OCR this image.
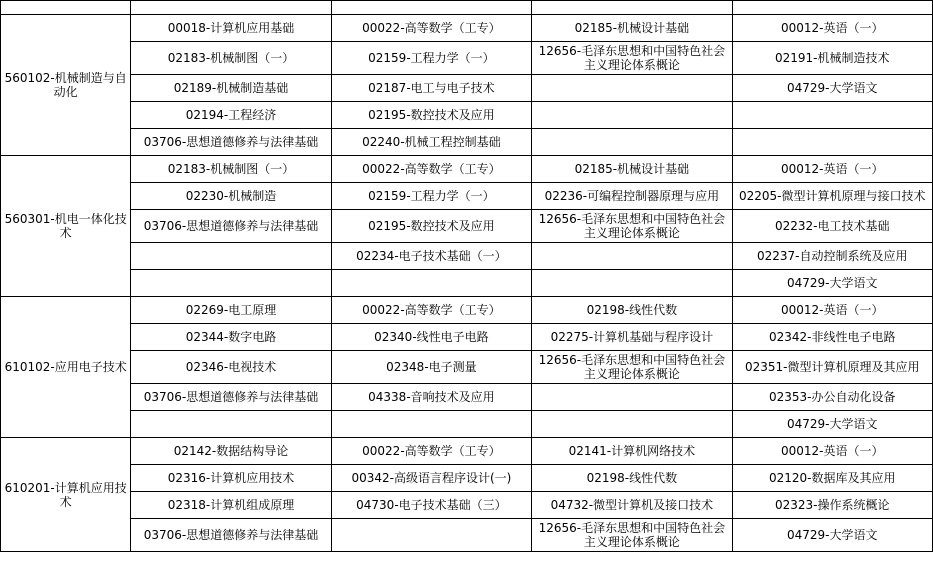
560102-机械制造与自动化	00018-计算机应用基础	00022-高等数学（工专）	02185-机械设计基础	00012-英语（一）
	02183-机械制图（一）	02159-工程力学（一）	12656-毛泽东思想和中国特色社会主义理论体系概论	02191-机械制造技术
	02189-机械制造基础	02187-电工与电子技术		04729-大学语文
	02194-工程经济	02195-数控技术及应用		
	03706-思想道德修养与法律基础	02240-机械工程控制基础		
560301-机电一体化技术	02183-机械制图（一）	00022-高等数学（工专）	02185-机械设计基础	00012-英语（一）
	02230-机械制造	02159-工程力学（一）	02236-可编程控制器原理与应用	02205-微型计算机原理与接口技术
	03706-思想道德修养与法律基础	02195-数控技术及应用	12656-毛泽东思想和中国特色社会主义理论体系概论	02232-电工技术基础
		02234-电子技术基础（一）		02237-自动控制系统及应用
				04729-大学语文
610102-应用电子技术	02269-电工原理	00022-高等数学（工专）	02198-线性代数	00012-英语（一）
	02344-数字电路	02340-线性电子电路	02275-计算机基础与程序设计	02342-非线性电子电路
	02346-电视技术	02348-电子测量	12656-毛泽东思想和中国特色社会主义理论体系概论	02351-微型计算机原理及其应用
	03706-思想道德修养与法律基础	04338-音响技术及应用		02353-办公自动化设备
				04729-大学语文
610201-计算机应用技术	02142-数据结构导论	00022-高等数学（工专）	02141-计算机网络技术	00012-英语（一）
	02316-计算机应用技术	00342-高级语言程序设计(一)	02198-线性代数	02120-数据库及其应用
	02318-计算机组成原理	04730-电子技术基础（三）	04732-微型计算机及接口技术	02323-操作系统概论
	03706-思想道德修养与法律基础		12656-毛泽东思想和中国特色社会主义理论体系概论	04729-大学语文
